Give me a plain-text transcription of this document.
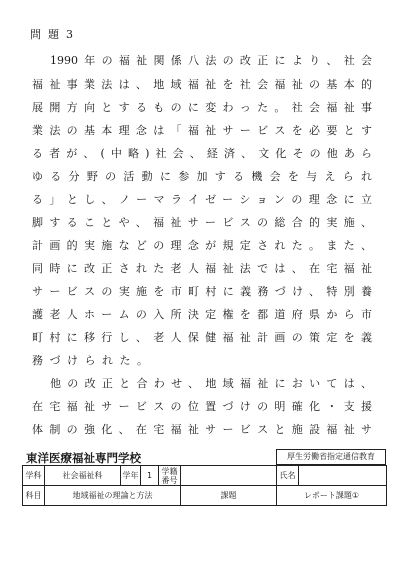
問題3
1990年の福祉関係八法の改正により、社会
福祉事業法は、地域福祉を社会福祉の基本的
展開方向とするものに変わった。社会福祉事
業法の基本理念は「福祉サービスを必要とす
る者が、(中略)社会、経済、文化その他あら
ゆる分野の活動に参加する機会を与えられ
る」とし、ノーマライゼーションの理念に立
脚することや、福祉サービスの総合的実施、
計画的実施などの理念が規定された。また、
同時に改正された老人福祉法では、在宅福祉
サービスの実施を市町村に義務づけ、特別養
護老人ホームの入所決定権を都道府県から市
町村に移行し、老人保健福祉計画の策定を義
務づけられた。
他の改正と合わせ、地域福祉においては、
在宅福祉サービスの位置づけの明確化・支援
体制の強化、在宅福祉サービスと施設福祉サ
東洋医療福祉専門学校	厚生労働省指定通信教育
学科	社会福祉科	学年	1	学籍番号		氏名	
科目	地域福祉の理論と方法				課題	レポート課題①	
